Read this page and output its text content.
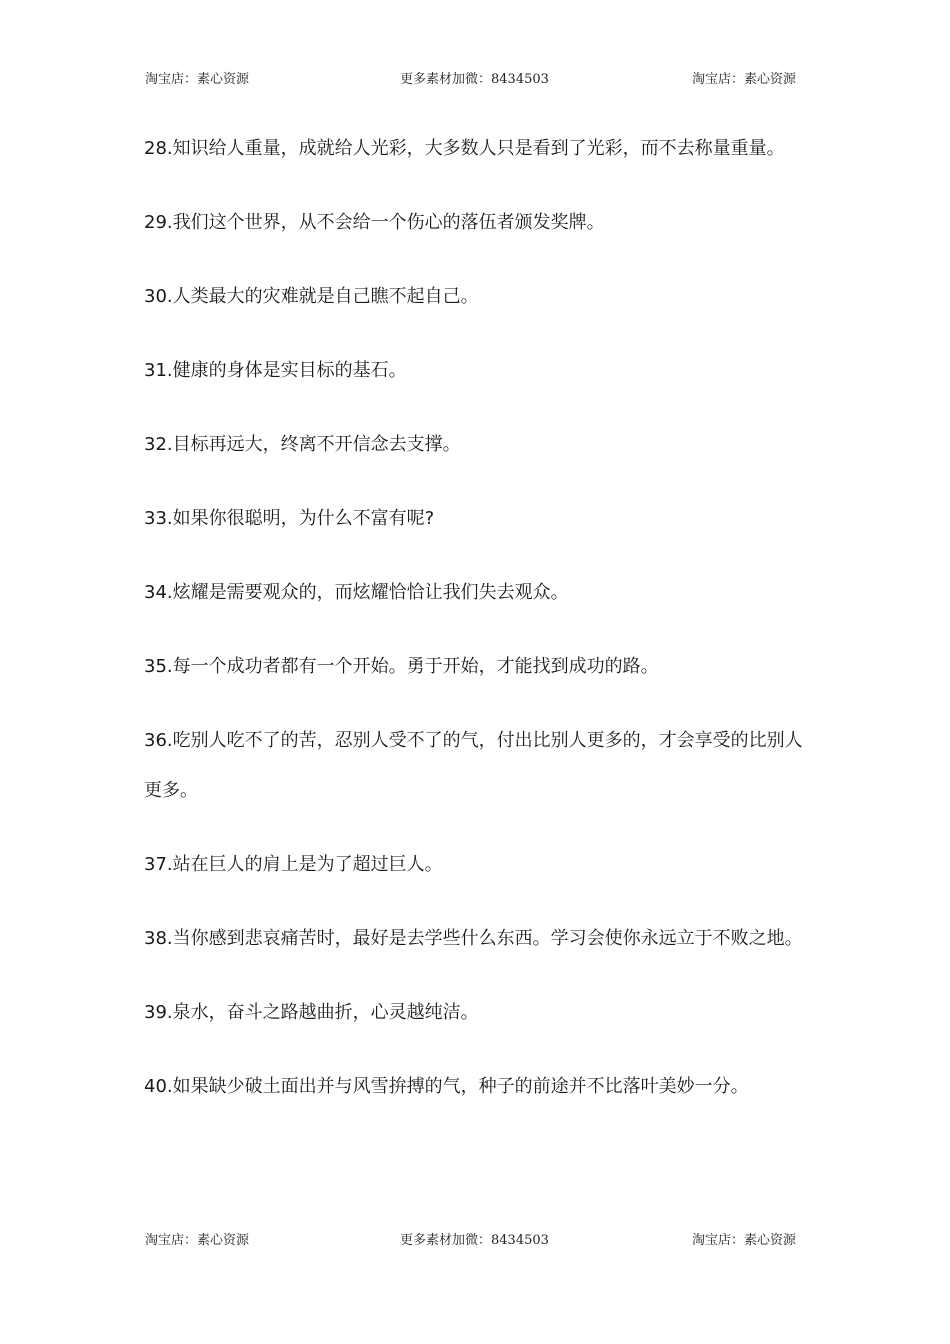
淘宝店：素心资源	更多素材加微：8434503	淘宝店：素心资源

28.知识给人重量，成就给人光彩，大多数人只是看到了光彩，而不去称量重量。

29.我们这个世界，从不会给一个伤心的落伍者颁发奖牌。

30.人类最大的灾难就是自己瞧不起自己。

31.健康的身体是实目标的基石。

32.目标再远大，终离不开信念去支撑。

33.如果你很聪明，为什么不富有呢?

34.炫耀是需要观众的，而炫耀恰恰让我们失去观众。

35.每一个成功者都有一个开始。勇于开始，才能找到成功的路。

36.吃别人吃不了的苦，忍别人受不了的气，付出比别人更多的，才会享受的比别人更多。

37.站在巨人的肩上是为了超过巨人。

38.当你感到悲哀痛苦时，最好是去学些什么东西。学习会使你永远立于不败之地。

39.泉水，奋斗之路越曲折，心灵越纯洁。

40.如果缺少破土面出并与风雪拚搏的气，种子的前途并不比落叶美妙一分。

淘宝店：素心资源	更多素材加微：8434503	淘宝店：素心资源
